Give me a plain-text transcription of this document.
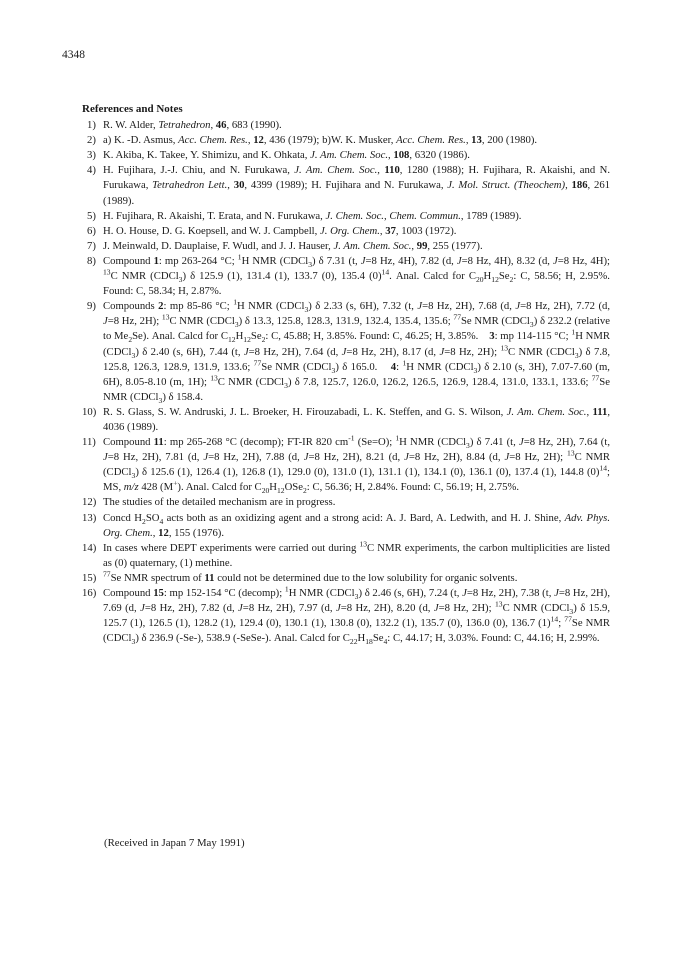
4348
References and Notes
1) R. W. Alder, Tetrahedron, 46, 683 (1990).
2) a) K. -D. Asmus, Acc. Chem. Res., 12, 436 (1979); b)W. K. Musker, Acc. Chem. Res., 13, 200 (1980).
3) K. Akiba, K. Takee, Y. Shimizu, and K. Ohkata, J. Am. Chem. Soc., 108, 6320 (1986).
4) H. Fujihara, J.-J. Chiu, and N. Furukawa, J. Am. Chem. Soc., 110, 1280 (1988); H. Fujihara, R. Akaishi, and N. Furukawa, Tetrahedron Lett., 30, 4399 (1989); H. Fujihara and N. Furukawa, J. Mol. Struct. (Theochem), 186, 261 (1989).
5) H. Fujihara, R. Akaishi, T. Erata, and N. Furukawa, J. Chem. Soc., Chem. Commun., 1789 (1989).
6) H. O. House, D. G. Koepsell, and W. J. Campbell, J. Org. Chem., 37, 1003 (1972).
7) J. Meinwald, D. Dauplaise, F. Wudl, and J. J. Hauser, J. Am. Chem. Soc., 99, 255 (1977).
8) Compound 1: mp 263-264 °C; $^1$H NMR (CDCl$_3$) δ 7.31 (t, J=8 Hz, 4H), 7.82 (d, J=8 Hz, 4H), 8.32 (d, J=8 Hz, 4H); $^{13}$C NMR (CDCl$_3$) δ 125.9 (1), 131.4 (1), 133.7 (0), 135.4 $(0)^{14}$. Anal. Calcd for $C_{20}H_{12}Se_2$: C, 58.56; H, 2.95%. Found: C, 58.34; H, 2.87%.
9) Compounds 2: mp 85-86 °C; $^1$H NMR (CDCl$_3$) δ 2.33 (s, 6H), 7.32 (t, J=8 Hz, 2H), 7.68 (d, J=8 Hz, 2H), 7.72 (d, J=8 Hz, 2H); $^{13}$C NMR (CDCl$_3$) δ 13.3, 125.8, 128.3, 131.9, 132.4, 135.4, 135.6; $^{77}$Se NMR (CDCl$_3$) δ 232.2 (relative to $Me_2Se$). Anal. Calcd for $C_{12}H_{12}Se_2$: C, 45.88; H, 3.85%. Found: C, 46.25; H, 3.85%.    3: mp 114-115 °C; $^1$H NMR (CDCl$_3$) δ 2.40 (s, 6H), 7.44 (t, J=8 Hz, 2H), 7.64 (d, J=8 Hz, 2H), 8.17 (d, J=8 Hz, 2H); $^{13}$C NMR (CDCl$_3$) δ 7.8, 125.8, 126.3, 128.9, 131.9, 133.6; $^{77}$Se NMR (CDCl$_3$) δ 165.0.    4: $^1$H NMR (CDCl$_3$) δ 2.10 (s, 3H), 7.07-7.60 (m, 6H), 8.05-8.10 (m, 1H); $^{13}$C NMR (CDCl$_3$) δ 7.8, 125.7, 126.0, 126.2, 126.5, 126.9, 128.4, 131.0, 133.1, 133.6; $^{77}$Se NMR (CDCl$_3$) δ 158.4.
10) R. S. Glass, S. W. Andruski, J. L. Broeker, H. Firouzabadi, L. K. Steffen, and G. S. Wilson, J. Am. Chem. Soc., 111, 4036 (1989).
11) Compound 11: mp 265-268 °C (decomp); FT-IR 820 $cm^{-1}$ (Se=O); $^1$H NMR (CDCl$_3$) δ 7.41 (t, J=8 Hz, 2H), 7.64 (t, J=8 Hz, 2H), 7.81 (d, J=8 Hz, 2H), 7.88 (d, J=8 Hz, 2H), 8.21 (d, J=8 Hz, 2H), 8.84 (d, J=8 Hz, 2H); $^{13}$C NMR (CDCl$_3$) δ 125.6 (1), 126.4 (1), 126.8 (1), 129.0 (0), 131.0 (1), 131.1 (1), 134.1 (0), 136.1 (0), 137.4 (1), 144.8 $(0)^{14}$; MS, m/z 428 (M+). Anal. Calcd for $C_{20}H_{12}OSe_2$: C, 56.36; H, 2.84%. Found: C, 56.19; H, 2.75%.
12) The studies of the detailed mechanism are in progress.
13) Concd $H_2SO_4$ acts both as an oxidizing agent and a strong acid: A. J. Bard, A. Ledwith, and H. J. Shine, Adv. Phys. Org. Chem., 12, 155 (1976).
14) In cases where DEPT experiments were carried out during $^{13}$C NMR experiments, the carbon multiplicities are listed as (0) quaternary, (1) methine.
15) $^{77}$Se NMR spectrum of 11 could not be determined due to the low solubility for organic solvents.
16) Compound 15: mp 152-154 °C (decomp); $^1$H NMR (CDCl$_3$) δ 2.46 (s, 6H), 7.24 (t, J=8 Hz, 2H), 7.38 (t, J=8 Hz, 2H), 7.69 (d, J=8 Hz, 2H), 7.82 (d, J=8 Hz, 2H), 7.97 (d, J=8 Hz, 2H), 8.20 (d, J=8 Hz, 2H); $^{13}$C NMR (CDCl$_3$) δ 15.9, 125.7 (1), 126.5 (1), 128.2 (1), 129.4 (0), 130.1 (1), 130.8 (0), 132.2 (1), 135.7 (0), 136.0 (0), 136.7 $(1)^{14}$; $^{77}$Se NMR (CDCl$_3$) δ 236.9 (-Se-), 538.9 (-SeSe-). Anal. Calcd for $C_{22}H_{18}Se_4$: C, 44.17; H, 3.03%. Found: C, 44.16; H, 2.99%.
(Received in Japan 7 May 1991)
